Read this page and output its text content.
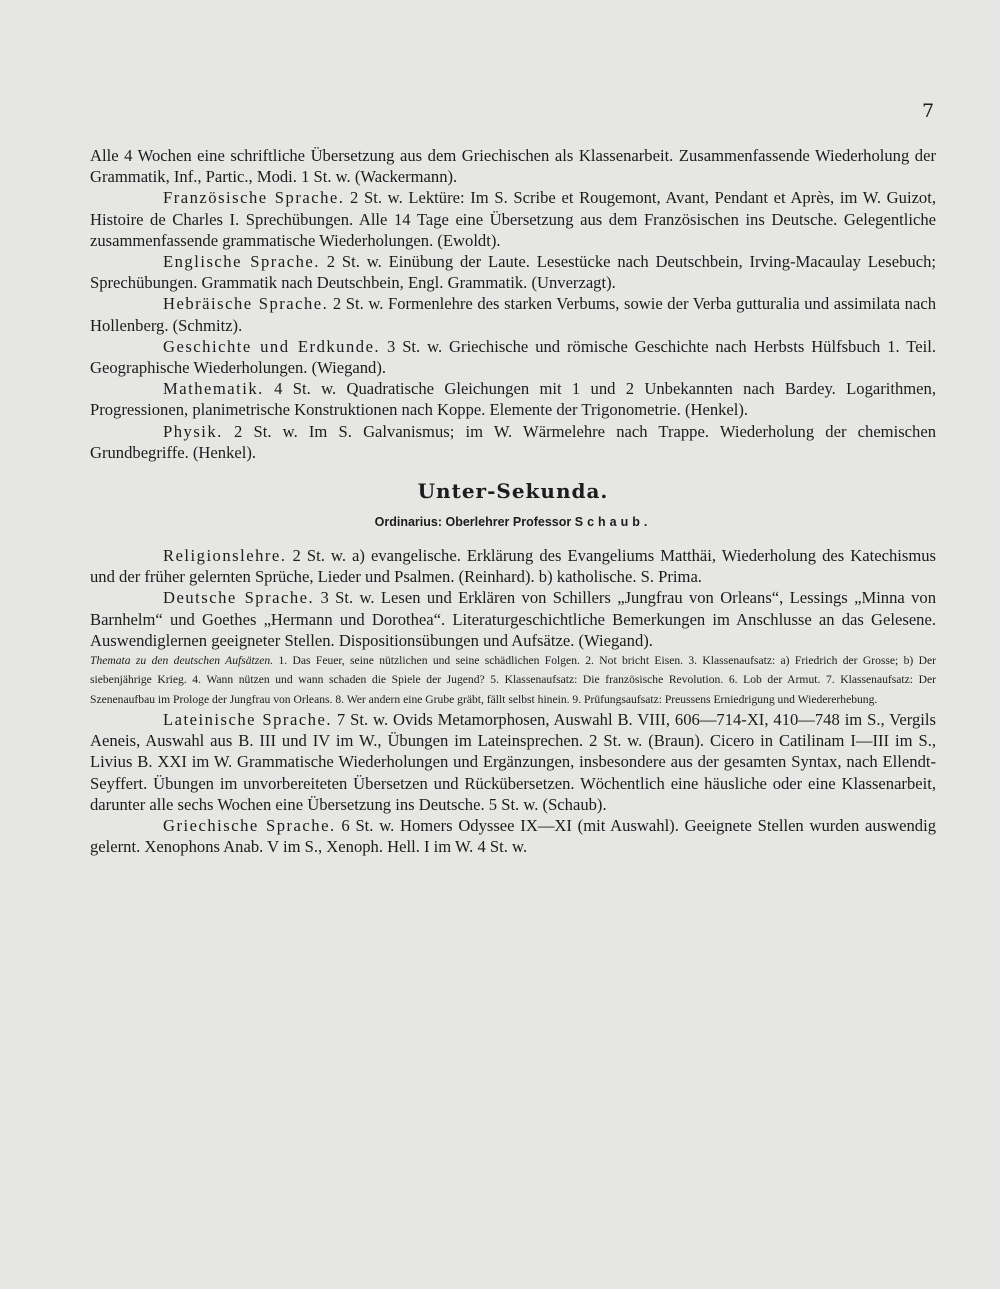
7

Alle 4 Wochen eine schriftliche Übersetzung aus dem Griechischen als Klassenarbeit. Zusammenfassende Wiederholung der Grammatik, Inf., Partic., Modi. 1 St. w. (Wackermann).

Französische Sprache. 2 St. w. Lektüre: Im S. Scribe et Rougemont, Avant, Pendant et Après, im W. Guizot, Histoire de Charles I. Sprechübungen. Alle 14 Tage eine Übersetzung aus dem Französischen ins Deutsche. Gelegentliche zusammenfassende grammatische Wiederholungen. (Ewoldt).

Englische Sprache. 2 St. w. Einübung der Laute. Lesestücke nach Deutschbein, Irving-Macaulay Lesebuch; Sprechübungen. Grammatik nach Deutschbein, Engl. Grammatik. (Unverzagt).

Hebräische Sprache. 2 St. w. Formenlehre des starken Verbums, sowie der Verba gutturalia und assimilata nach Hollenberg. (Schmitz).

Geschichte und Erdkunde. 3 St. w. Griechische und römische Geschichte nach Herbsts Hülfsbuch 1. Teil. Geographische Wiederholungen. (Wiegand).

Mathematik. 4 St. w. Quadratische Gleichungen mit 1 und 2 Unbekannten nach Bardey. Logarithmen, Progressionen, planimetrische Konstruktionen nach Koppe. Elemente der Trigonometrie. (Henkel).

Physik. 2 St. w. Im S. Galvanismus; im W. Wärmelehre nach Trappe. Wiederholung der chemischen Grundbegriffe. (Henkel).

Unter-Sekunda.
Ordinarius: Oberlehrer Professor Schaub.

Religionslehre. 2 St. w. a) evangelische. Erklärung des Evangeliums Matthäi, Wiederholung des Katechismus und der früher gelernten Sprüche, Lieder und Psalmen. (Reinhard). b) katholische. S. Prima.

Deutsche Sprache. 3 St. w. Lesen und Erklären von Schillers „Jungfrau von Orleans“, Lessings „Minna von Barnhelm“ und Goethes „Hermann und Dorothea“. Literaturgeschichtliche Bemerkungen im Anschlusse an das Gelesene. Auswendiglernen geeigneter Stellen. Dispositionsübungen und Aufsätze. (Wiegand).

Themata zu den deutschen Aufsätzen. 1. Das Feuer, seine nützlichen und seine schädlichen Folgen. 2. Not bricht Eisen. 3. Klassenaufsatz: a) Friedrich der Grosse; b) Der siebenjährige Krieg. 4. Wann nützen und wann schaden die Spiele der Jugend? 5. Klassenaufsatz: Die französische Revolution. 6. Lob der Armut. 7. Klassenaufsatz: Der Szenenaufbau im Prologe der Jungfrau von Orleans. 8. Wer andern eine Grube gräbt, fällt selbst hinein. 9. Prüfungsaufsatz: Preussens Erniedrigung und Wiedererhebung.

Lateinische Sprache. 7 St. w. Ovids Metamorphosen, Auswahl B. VIII, 606—714-XI, 410—748 im S., Vergils Aeneis, Auswahl aus B. III und IV im W., Übungen im Lateinsprechen. 2 St. w. (Braun). Cicero in Catilinam I—III im S., Livius B. XXI im W. Grammatische Wiederholungen und Ergänzungen, insbesondere aus der gesamten Syntax, nach Ellendt-Seyffert. Übungen im unvorbereiteten Übersetzen und Rückübersetzen. Wöchentlich eine häusliche oder eine Klassenarbeit, darunter alle sechs Wochen eine Übersetzung ins Deutsche. 5 St. w. (Schaub).

Griechische Sprache. 6 St. w. Homers Odyssee IX—XI (mit Auswahl). Geeignete Stellen wurden auswendig gelernt. Xenophons Anab. V im S., Xenoph. Hell. I im W. 4 St. w.
